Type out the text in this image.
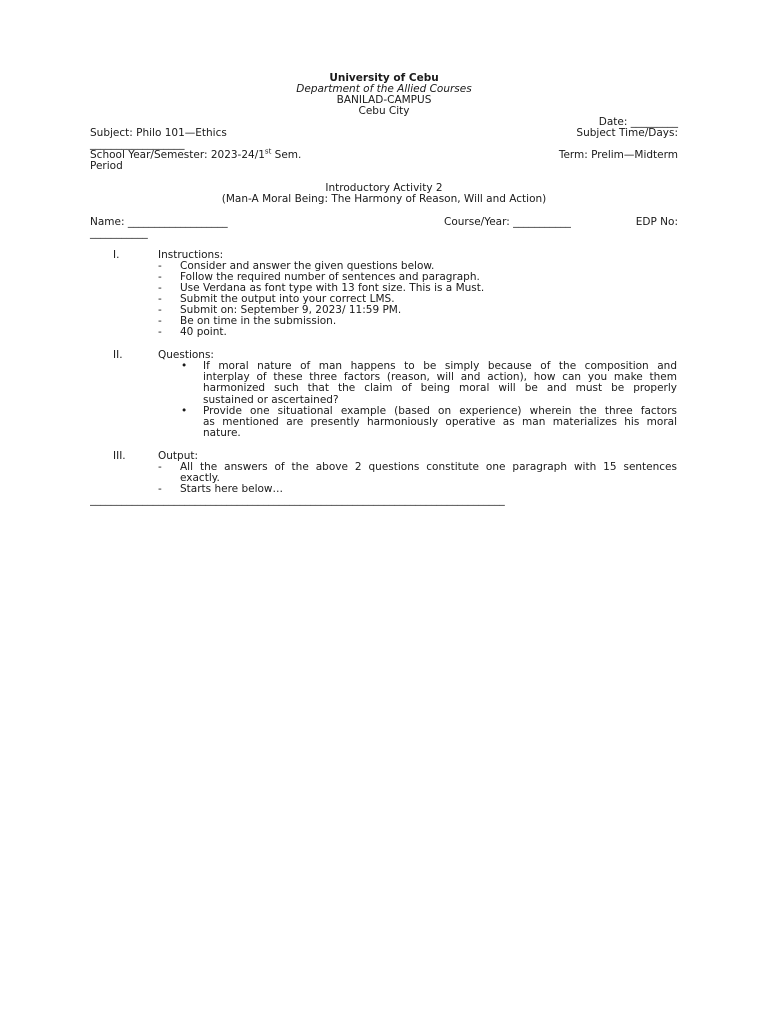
University of Cebu
Department of the Allied Courses
BANILAD-CAMPUS
Cebu City
Date: _________
Subject: Philo 101—Ethics	Subject Time/Days:
__________________
School Year/Semester: 2023-24/1st Sem.	Term: Prelim—Midterm
Period
Introductory Activity 2
(Man-A Moral Being: The Harmony of Reason, Will and Action)
Name: ___________________	Course/Year: ___________	EDP No:
___________
I.	Instructions:
- Consider and answer the given questions below.
- Follow the required number of sentences and paragraph.
- Use Verdana as font type with 13 font size. This is a Must.
- Submit the output into your correct LMS.
- Submit on: September 9, 2023/ 11:59 PM.
- Be on time in the submission.
- 40 point.
II.	Questions:
• If moral nature of man happens to be simply because of the composition and
interplay of these three factors (reason, will and action), how can you make them
harmonized such that the claim of being moral will be and must be properly
sustained or ascertained?
• Provide one situational example (based on experience) wherein the three factors
as mentioned are presently harmoniously operative as man materializes his moral
nature.
III.	Output:
- All the answers of the above 2 questions constitute one paragraph with 15 sentences
exactly.
- Starts here below…
_______________________________________________________________________________
